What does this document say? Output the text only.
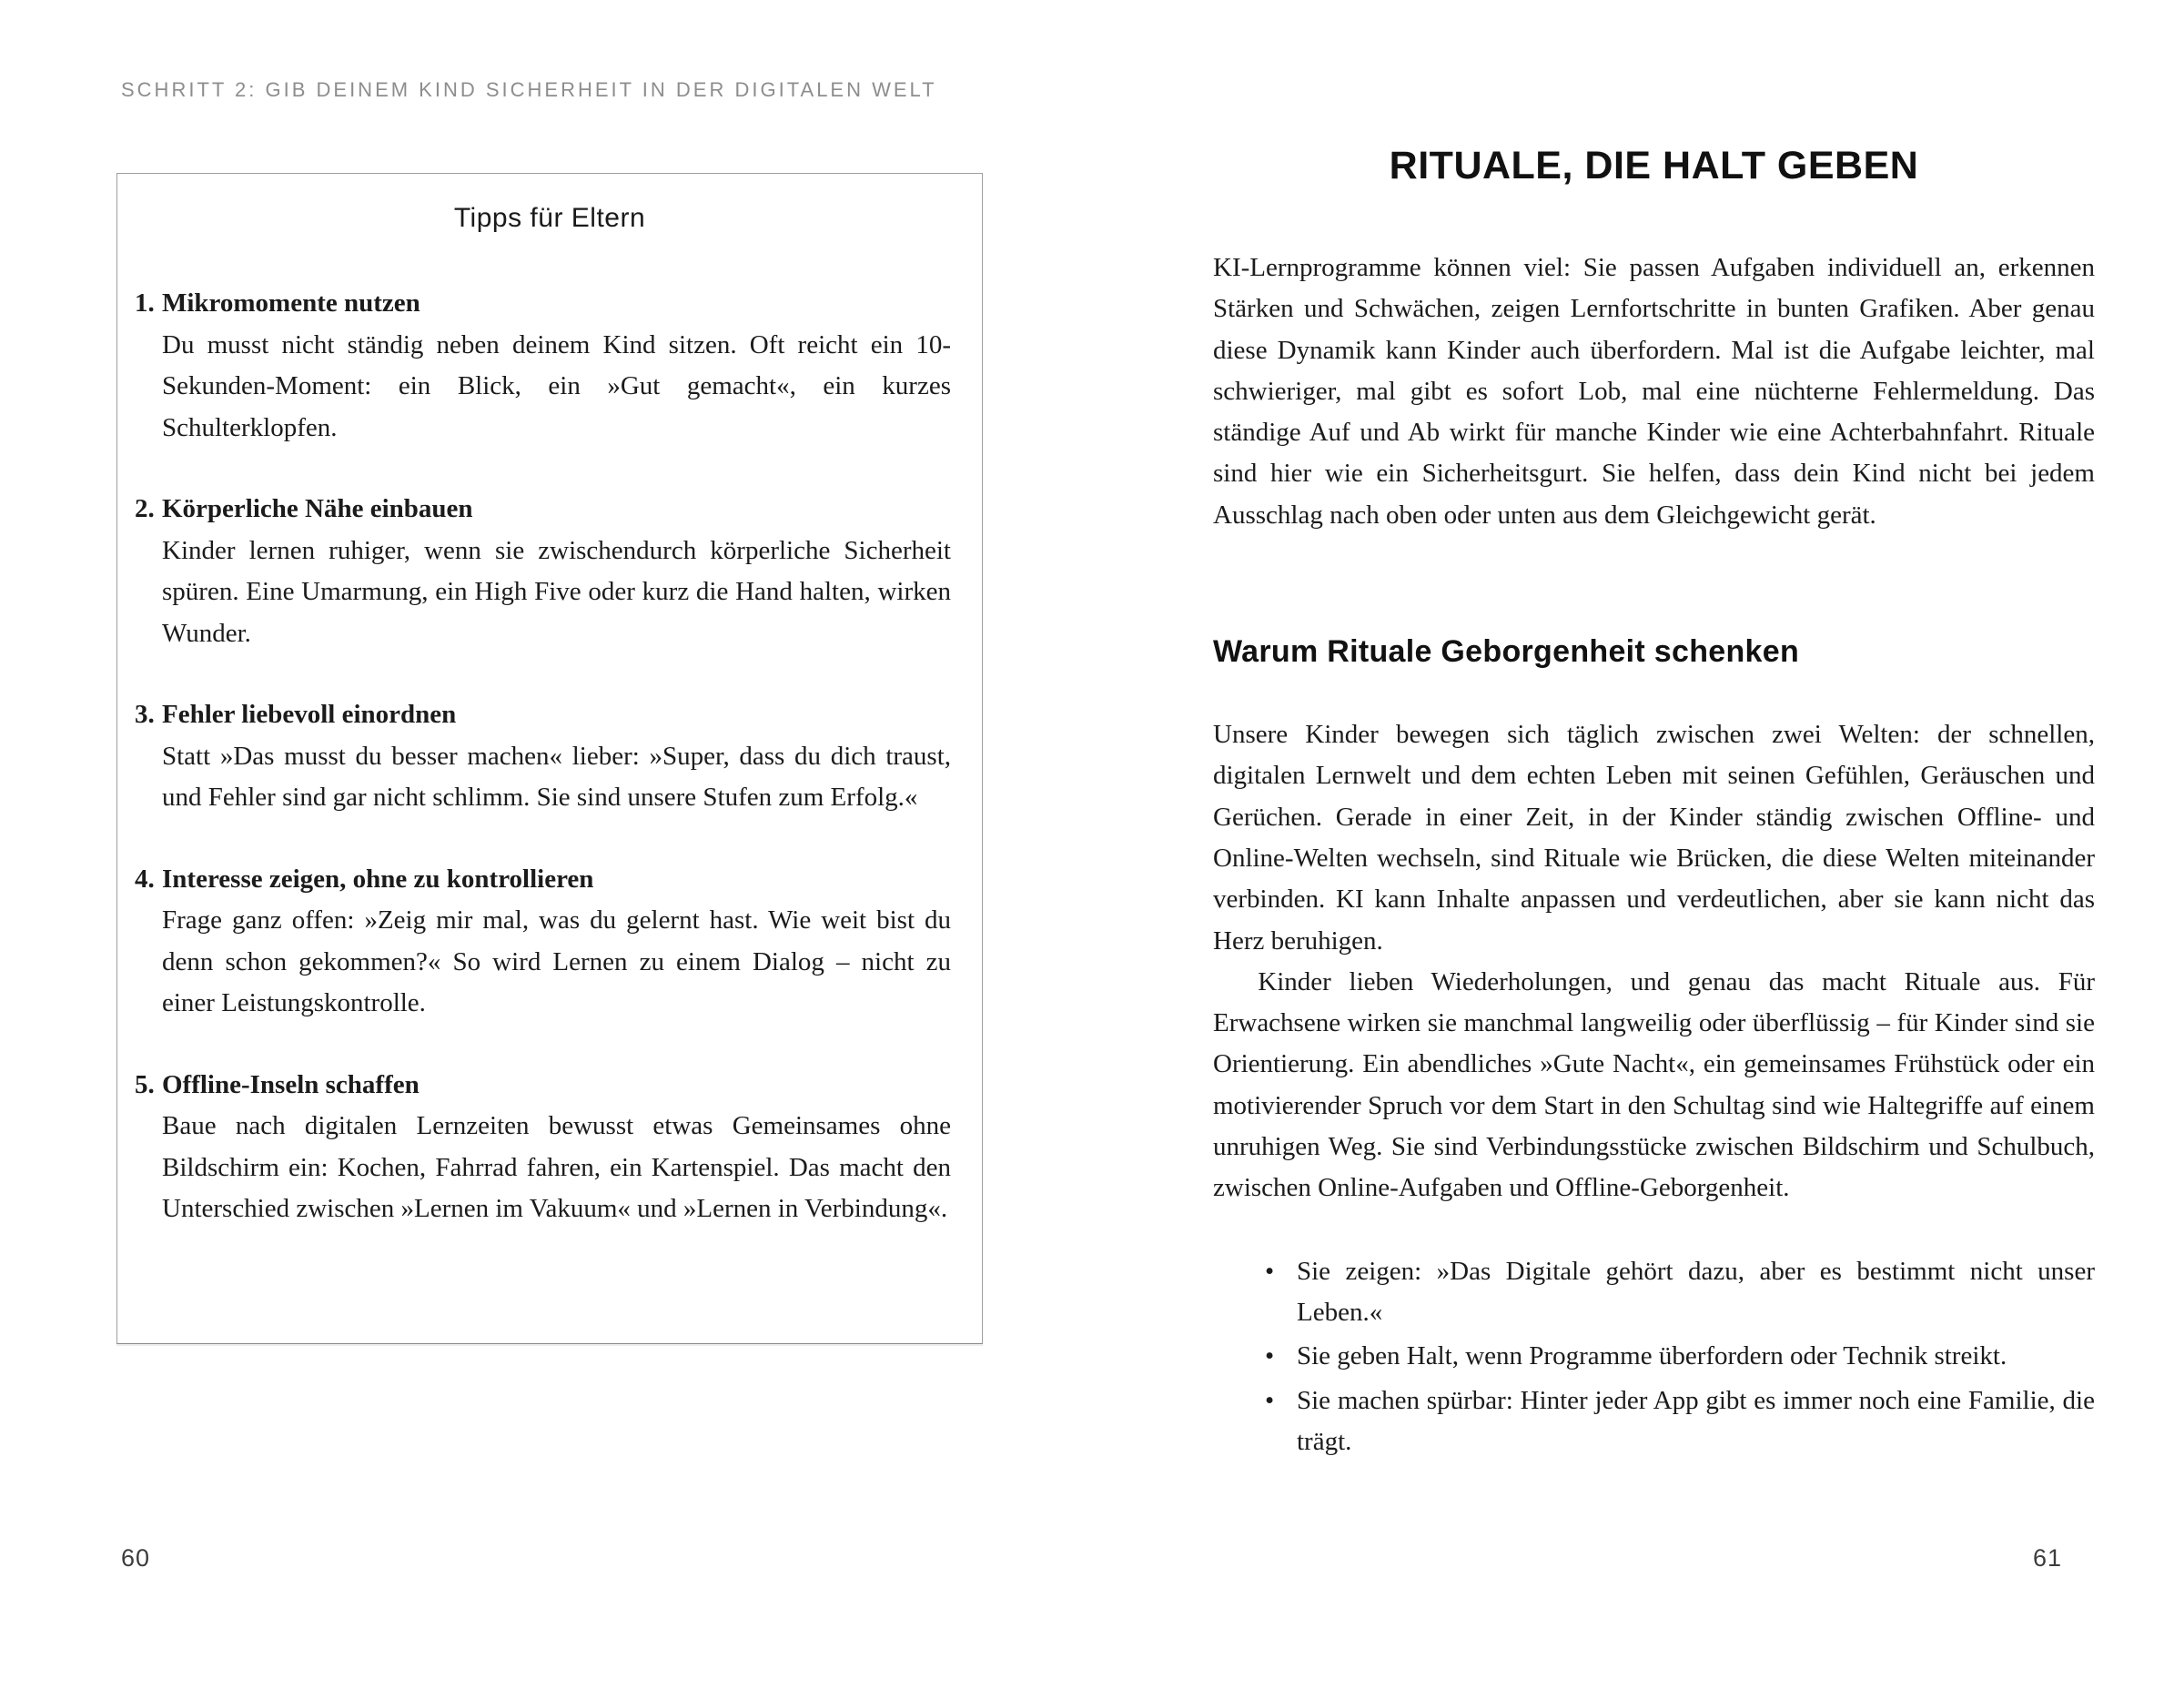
SCHRITT 2: GIB DEINEM KIND SICHERHEIT IN DER DIGITALEN WELT
Tipps für Eltern
1. Mikromomente nutzen
Du musst nicht ständig neben deinem Kind sitzen. Oft reicht ein 10-Sekunden-Moment: ein Blick, ein »Gut gemacht«, ein kurzes Schulterklopfen.
2. Körperliche Nähe einbauen
Kinder lernen ruhiger, wenn sie zwischendurch körperliche Sicherheit spüren. Eine Umarmung, ein High Five oder kurz die Hand halten, wirken Wunder.
3. Fehler liebevoll einordnen
Statt »Das musst du besser machen« lieber: »Super, dass du dich traust, und Fehler sind gar nicht schlimm. Sie sind unsere Stufen zum Erfolg.«
4. Interesse zeigen, ohne zu kontrollieren
Frage ganz offen: »Zeig mir mal, was du gelernt hast. Wie weit bist du denn schon gekommen?« So wird Lernen zu einem Dialog – nicht zu einer Leistungskontrolle.
5. Offline-Inseln schaffen
Baue nach digitalen Lernzeiten bewusst etwas Gemeinsames ohne Bildschirm ein: Kochen, Fahrrad fahren, ein Kartenspiel. Das macht den Unterschied zwischen »Lernen im Vakuum« und »Lernen in Verbindung«.
60
RITUALE, DIE HALT GEBEN
KI-Lernprogramme können viel: Sie passen Aufgaben individuell an, erkennen Stärken und Schwächen, zeigen Lernfortschritte in bunten Grafiken. Aber genau diese Dynamik kann Kinder auch überfordern. Mal ist die Aufgabe leichter, mal schwieriger, mal gibt es sofort Lob, mal eine nüchterne Fehlermeldung. Das ständige Auf und Ab wirkt für manche Kinder wie eine Achterbahnfahrt. Rituale sind hier wie ein Sicherheitsgurt. Sie helfen, dass dein Kind nicht bei jedem Ausschlag nach oben oder unten aus dem Gleichgewicht gerät.
Warum Rituale Geborgenheit schenken

Unsere Kinder bewegen sich täglich zwischen zwei Welten: der schnellen, digitalen Lernwelt und dem echten Leben mit seinen Gefühlen, Geräuschen und Gerüchen. Gerade in einer Zeit, in der Kinder ständig zwischen Offline- und Online-Welten wechseln, sind Rituale wie Brücken, die diese Welten miteinander verbinden. KI kann Inhalte anpassen und verdeutlichen, aber sie kann nicht das Herz beruhigen.

Kinder lieben Wiederholungen, und genau das macht Rituale aus. Für Erwachsene wirken sie manchmal langweilig oder überflüssig – für Kinder sind sie Orientierung. Ein abendliches »Gute Nacht«, ein gemeinsames Frühstück oder ein motivierender Spruch vor dem Start in den Schultag sind wie Haltegriffe auf einem unruhigen Weg. Sie sind Verbindungsstücke zwischen Bildschirm und Schulbuch, zwischen Online-Aufgaben und Offline-Geborgenheit.

• Sie zeigen: »Das Digitale gehört dazu, aber es bestimmt nicht unser Leben.«
• Sie geben Halt, wenn Programme überfordern oder Technik streikt.
• Sie machen spürbar: Hinter jeder App gibt es immer noch eine Familie, die trägt.
61
